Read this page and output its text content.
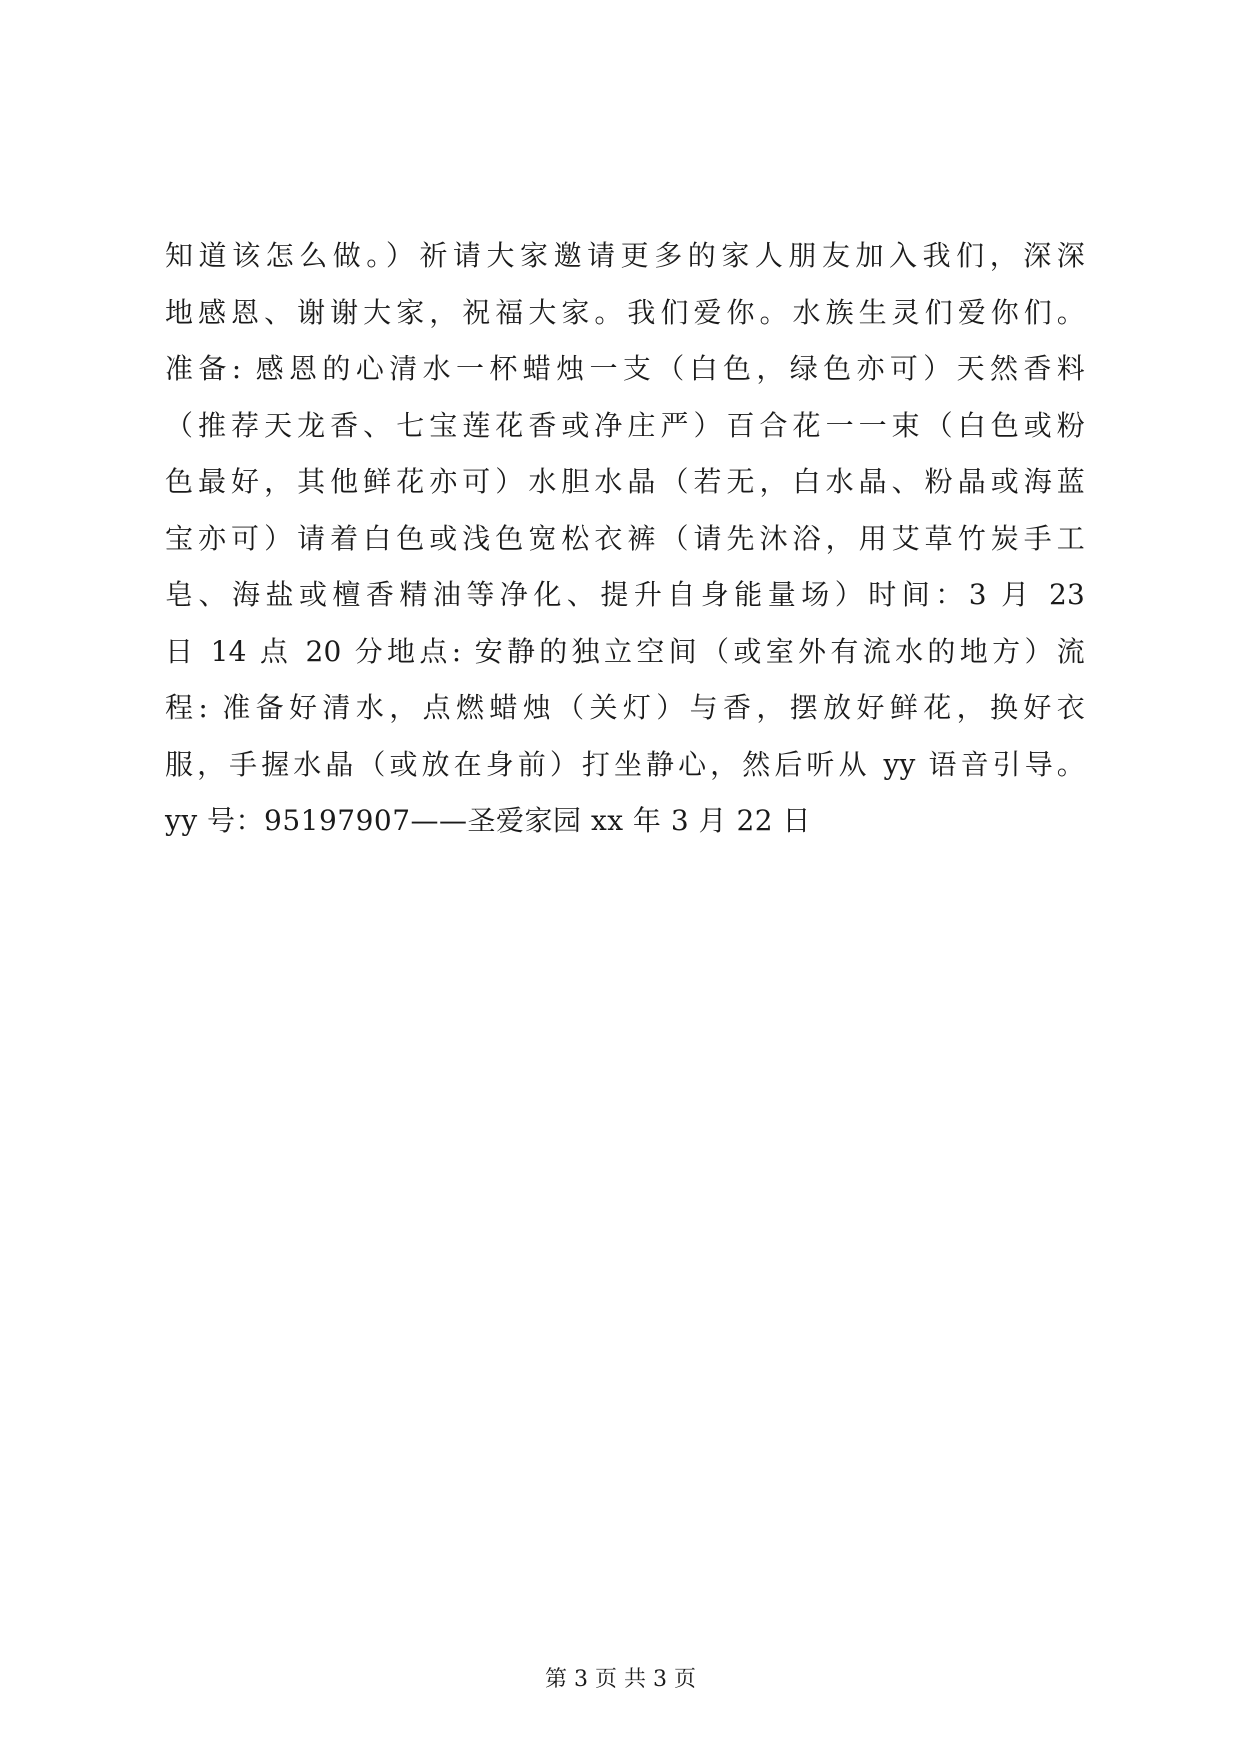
知道该怎么做。）祈请大家邀请更多的家人朋友加入我们，深深
地感恩、谢谢大家，祝福大家。我们爱你。水族生灵们爱你们。
准备: 感恩的心清水一杯蜡烛一支（白色，绿色亦可）天然香料
（推荐天龙香、七宝莲花香或净庄严）百合花一一束（白色或粉
色最好，其他鲜花亦可）水胆水晶（若无，白水晶、粉晶或海蓝
宝亦可）请着白色或浅色宽松衣裤（请先沐浴，用艾草竹炭手工
皂、海盐或檀香精油等净化、提升自身能量场）时间：3 月 23
日 14 点 20 分地点: 安静的独立空间（或室外有流水的地方）流
程: 准备好清水，点燃蜡烛（关灯）与香，摆放好鲜花，换好衣
服，手握水晶（或放在身前）打坐静心，然后听从 yy 语音引导。
yy 号：95197907——圣爱家园 xx 年 3 月 22 日
第 3 页 共 3 页
